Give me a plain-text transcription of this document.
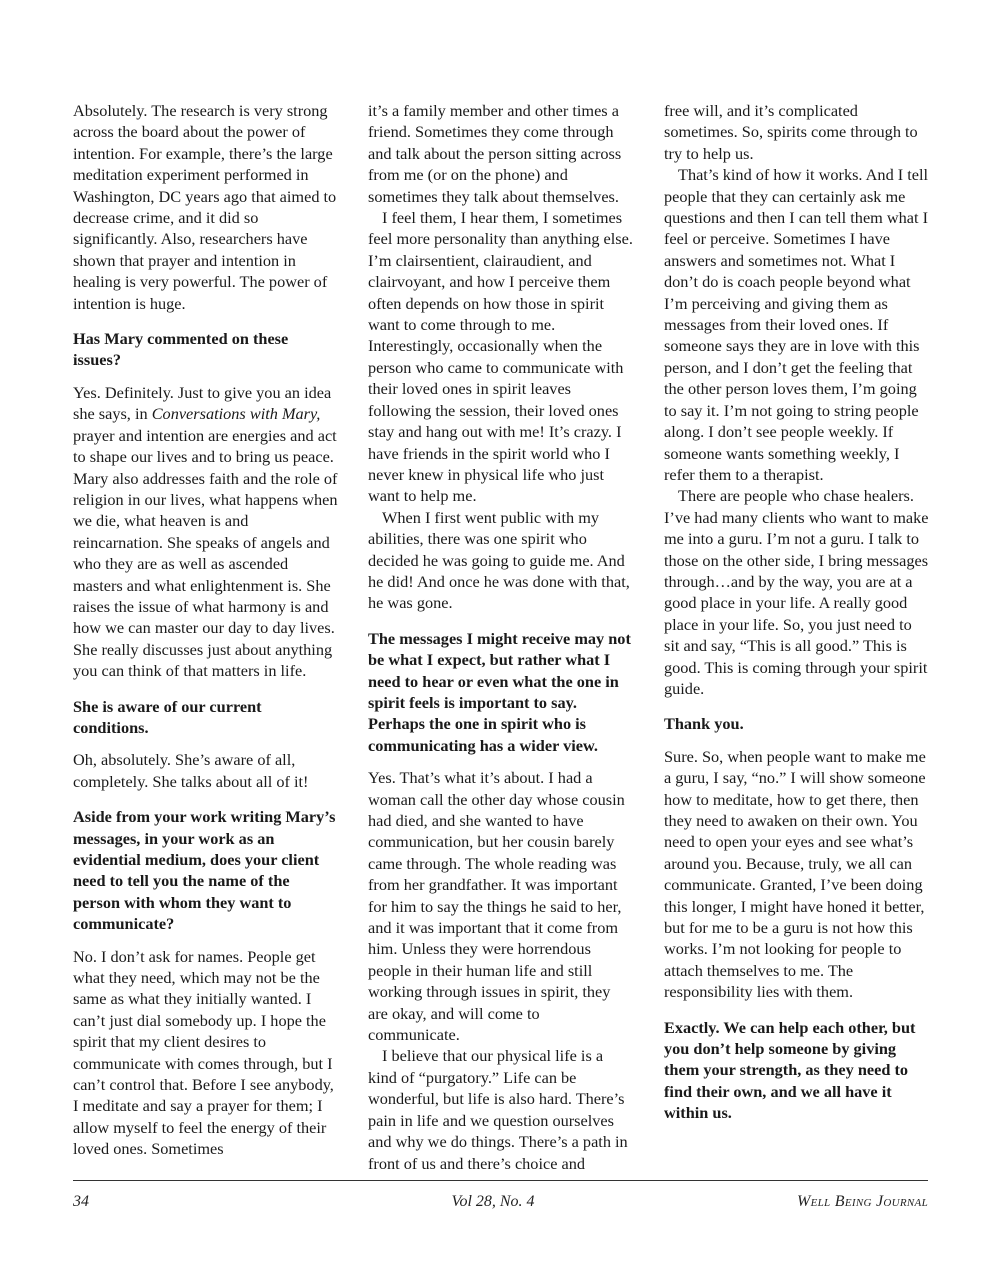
Absolutely. The research is very strong across the board about the power of intention. For example, there’s the large meditation experiment performed in Washington, DC years ago that aimed to decrease crime, and it did so significantly. Also, researchers have shown that prayer and intention in healing is very powerful. The power of intention is huge.

Has Mary commented on these issues?

Yes. Definitely. Just to give you an idea she says, in Conversations with Mary, prayer and intention are energies and act to shape our lives and to bring us peace. Mary also addresses faith and the role of religion in our lives, what happens when we die, what heaven is and reincarnation. She speaks of angels and who they are as well as ascended masters and what enlightenment is. She raises the issue of what harmony is and how we can master our day to day lives. She really discusses just about anything you can think of that matters in life.

She is aware of our current conditions.

Oh, absolutely. She’s aware of all, completely. She talks about all of it!

Aside from your work writing Mary’s messages, in your work as an evidential medium, does your client need to tell you the name of the person with whom they want to communicate?

No. I don’t ask for names. People get what they need, which may not be the same as what they initially wanted. I can’t just dial somebody up. I hope the spirit that my client desires to communicate with comes through, but I can’t control that. Before I see anybody, I meditate and say a prayer for them; I allow myself to feel the energy of their loved ones. Sometimes

it’s a family member and other times a friend. Sometimes they come through and talk about the person sitting across from me (or on the phone) and sometimes they talk about themselves.

I feel them, I hear them, I sometimes feel more personality than anything else. I’m clairsentient, clairaudient, and clairvoyant, and how I perceive them often depends on how those in spirit want to come through to me. Interestingly, occasionally when the person who came to communicate with their loved ones in spirit leaves following the session, their loved ones stay and hang out with me! It’s crazy. I have friends in the spirit world who I never knew in physical life who just want to help me.

When I first went public with my abilities, there was one spirit who decided he was going to guide me. And he did! And once he was done with that, he was gone.

The messages I might receive may not be what I expect, but rather what I need to hear or even what the one in spirit feels is important to say. Perhaps the one in spirit who is communicating has a wider view.

Yes. That’s what it’s about. I had a woman call the other day whose cousin had died, and she wanted to have communication, but her cousin barely came through. The whole reading was from her grandfather. It was important for him to say the things he said to her, and it was important that it come from him. Unless they were horrendous people in their human life and still working through issues in spirit, they are okay, and will come to communicate.

I believe that our physical life is a kind of “purgatory.” Life can be wonderful, but life is also hard. There’s pain in life and we question ourselves and why we do things. There’s a path in front of us and there’s choice and

free will, and it’s complicated sometimes. So, spirits come through to try to help us.

That’s kind of how it works. And I tell people that they can certainly ask me questions and then I can tell them what I feel or perceive. Sometimes I have answers and sometimes not. What I don’t do is coach people beyond what I’m perceiving and giving them as messages from their loved ones. If someone says they are in love with this person, and I don’t get the feeling that the other person loves them, I’m going to say it. I’m not going to string people along. I don’t see people weekly. If someone wants something weekly, I refer them to a therapist.

There are people who chase healers. I’ve had many clients who want to make me into a guru. I’m not a guru. I talk to those on the other side, I bring messages through…and by the way, you are at a good place in your life. A really good place in your life. So, you just need to sit and say, “This is all good.” This is good. This is coming through your spirit guide.

Thank you.

Sure. So, when people want to make me a guru, I say, “no.” I will show someone how to meditate, how to get there, then they need to awaken on their own. You need to open your eyes and see what’s around you. Because, truly, we all can communicate. Granted, I’ve been doing this longer, I might have honed it better, but for me to be a guru is not how this works. I’m not looking for people to attach themselves to me. The responsibility lies with them.

Exactly. We can help each other, but you don’t help someone by giving them your strength, as they need to find their own, and we all have it within us.

34	Vol 28, No. 4	Well Being Journal
